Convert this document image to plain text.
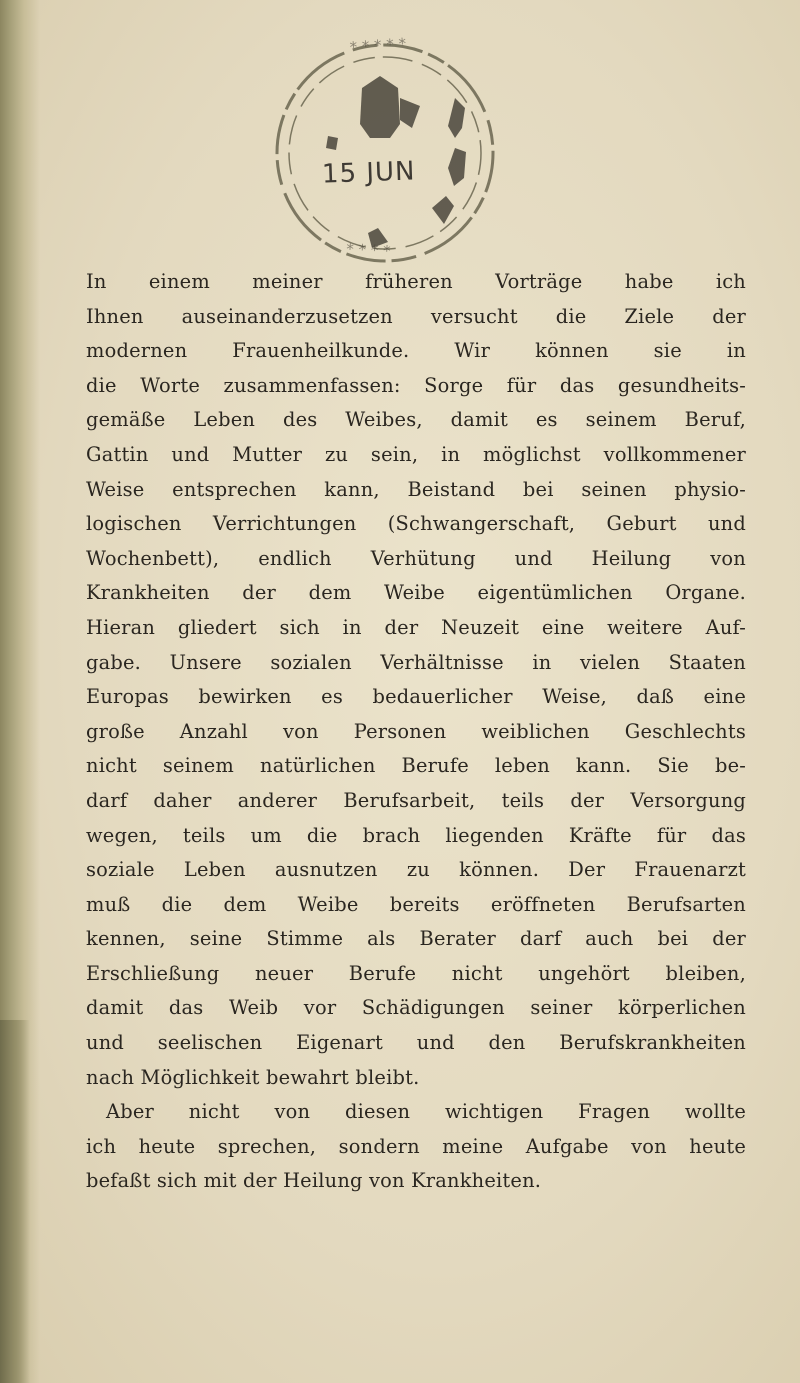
* * * * *
* * * *
15 JUN
In einem meiner früheren Vorträge habe ich
Ihnen auseinanderzusetzen versucht die Ziele der
modernen Frauenheilkunde. Wir können sie in
die Worte zusammenfassen: Sorge für das gesundheits-
gemäße Leben des Weibes, damit es seinem Beruf,
Gattin und Mutter zu sein, in möglichst vollkommener
Weise entsprechen kann, Beistand bei seinen physio-
logischen Verrichtungen (Schwangerschaft, Geburt und
Wochenbett), endlich Verhütung und Heilung von
Krankheiten der dem Weibe eigentümlichen Organe.
Hieran gliedert sich in der Neuzeit eine weitere Auf-
gabe. Unsere sozialen Verhältnisse in vielen Staaten
Europas bewirken es bedauerlicher Weise, daß eine
große Anzahl von Personen weiblichen Geschlechts
nicht seinem natürlichen Berufe leben kann. Sie be-
darf daher anderer Berufsarbeit, teils der Versorgung
wegen, teils um die brach liegenden Kräfte für das
soziale Leben ausnutzen zu können. Der Frauenarzt
muß die dem Weibe bereits eröffneten Berufsarten
kennen, seine Stimme als Berater darf auch bei der
Erschließung neuer Berufe nicht ungehört bleiben,
damit das Weib vor Schädigungen seiner körperlichen
und seelischen Eigenart und den Berufskrankheiten
nach Möglichkeit bewahrt bleibt.
Aber nicht von diesen wichtigen Fragen wollte
ich heute sprechen, sondern meine Aufgabe von heute
befaßt sich mit der Heilung von Krankheiten.
